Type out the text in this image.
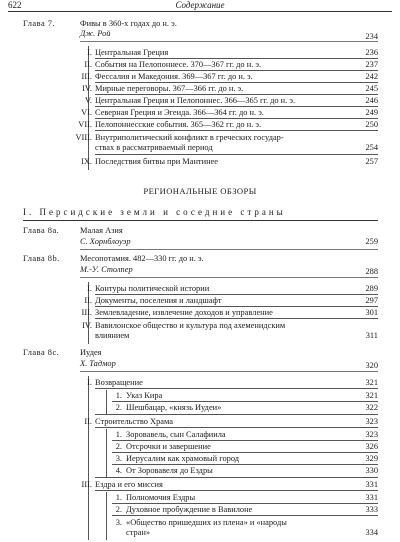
622	Содержание
Глава 7.	Фивы в 360-х годах до н. э.
Дж. Рой	234
I. Центральная Греция	236
II. События на Пелопоннесе. 370—367 гг. до н. э.	237
III. Фессалия и Македония. 369—367 гг. до н. э.	242
IV. Мирные переговоры. 367—366 гг. до н. э.	245
V. Центральная Греция и Пелопоннес. 366—365 гг. до н. э.	246
VI. Северная Греция и Эгеида. 366—364 гг. до н. э.	249
VII. Пелопоннесские события. 365—362 гг. до н. э.	250
VIII. Внутриполитический конфликт в греческих государ-
ствах в рассматриваемый период	254
IX. Последствия битвы при Мантинее	257
РЕГИОНАЛЬНЫЕ ОБЗОРЫ
I. Персидские земли и соседние страны
Глава 8a. Малая Азия
С. Хорнблоуэр	259
Глава 8b. Месопотамия. 482—330 гг. до н. э.
М.-У. Столпер	288
I. Контуры политической истории	289
II. Документы, поселения и ландшафт	297
III. Землевладение, извлечение доходов и управление	301
IV. Вавилонское общество и культура под ахеменидским
влиянием	311
Глава 8c. Иудея
Х. Тадмор	320
I. Возвращение	321
1. Указ Кира	321
2. Шешбацар, «князь Иудеи»	322
II. Строительство Храма	323
1. Зоровавель, сын Салафиила	323
2. Отсрочки и завершение	326
3. Иерусалим как храмовый город	329
4. От Зоровавеля до Ездры	330
III. Ездра и его миссия	331
1. Полномочия Ездры	331
2. Духовное пробуждение в Вавилоне	333
3. «Общество пришедших из плена» и «народы
стран»	334
